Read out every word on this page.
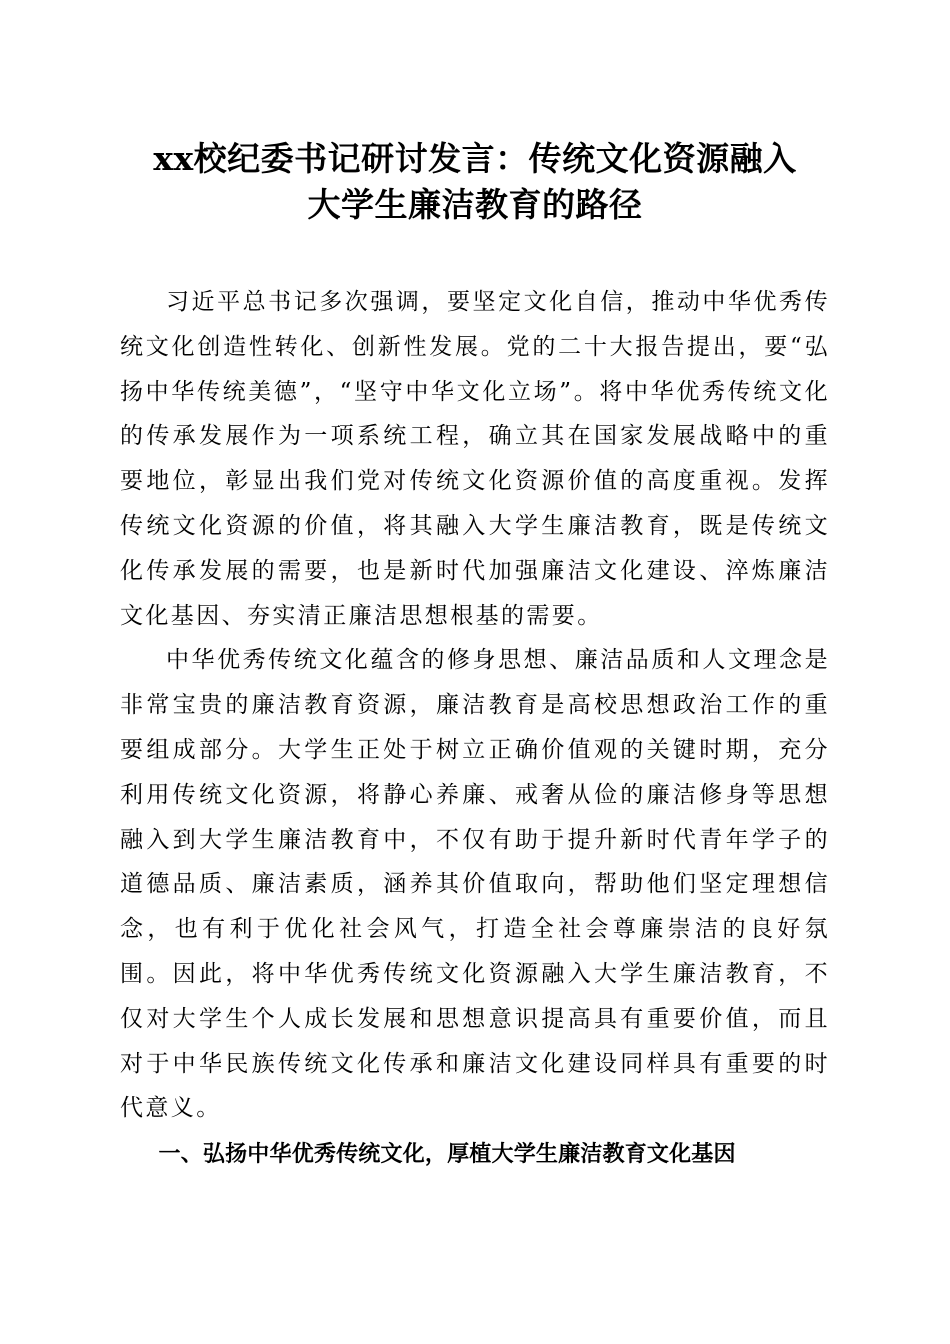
xx校纪委书记研讨发言：传统文化资源融入
大学生廉洁教育的路径

习近平总书记多次强调，要坚定文化自信，推动中华优秀传统文化创造性转化、创新性发展。党的二十大报告提出，要“弘扬中华传统美德”，“坚守中华文化立场”。将中华优秀传统文化的传承发展作为一项系统工程，确立其在国家发展战略中的重要地位，彰显出我们党对传统文化资源价值的高度重视。发挥传统文化资源的价值，将其融入大学生廉洁教育，既是传统文化传承发展的需要，也是新时代加强廉洁文化建设、淬炼廉洁文化基因、夯实清正廉洁思想根基的需要。

中华优秀传统文化蕴含的修身思想、廉洁品质和人文理念是非常宝贵的廉洁教育资源，廉洁教育是高校思想政治工作的重要组成部分。大学生正处于树立正确价值观的关键时期，充分利用传统文化资源，将静心养廉、戒奢从俭的廉洁修身等思想融入到大学生廉洁教育中，不仅有助于提升新时代青年学子的道德品质、廉洁素质，涵养其价值取向，帮助他们坚定理想信念，也有利于优化社会风气，打造全社会尊廉崇洁的良好氛围。因此，将中华优秀传统文化资源融入大学生廉洁教育，不仅对大学生个人成长发展和思想意识提高具有重要价值，而且对于中华民族传统文化传承和廉洁文化建设同样具有重要的时代意义。

一、弘扬中华优秀传统文化，厚植大学生廉洁教育文化基因
